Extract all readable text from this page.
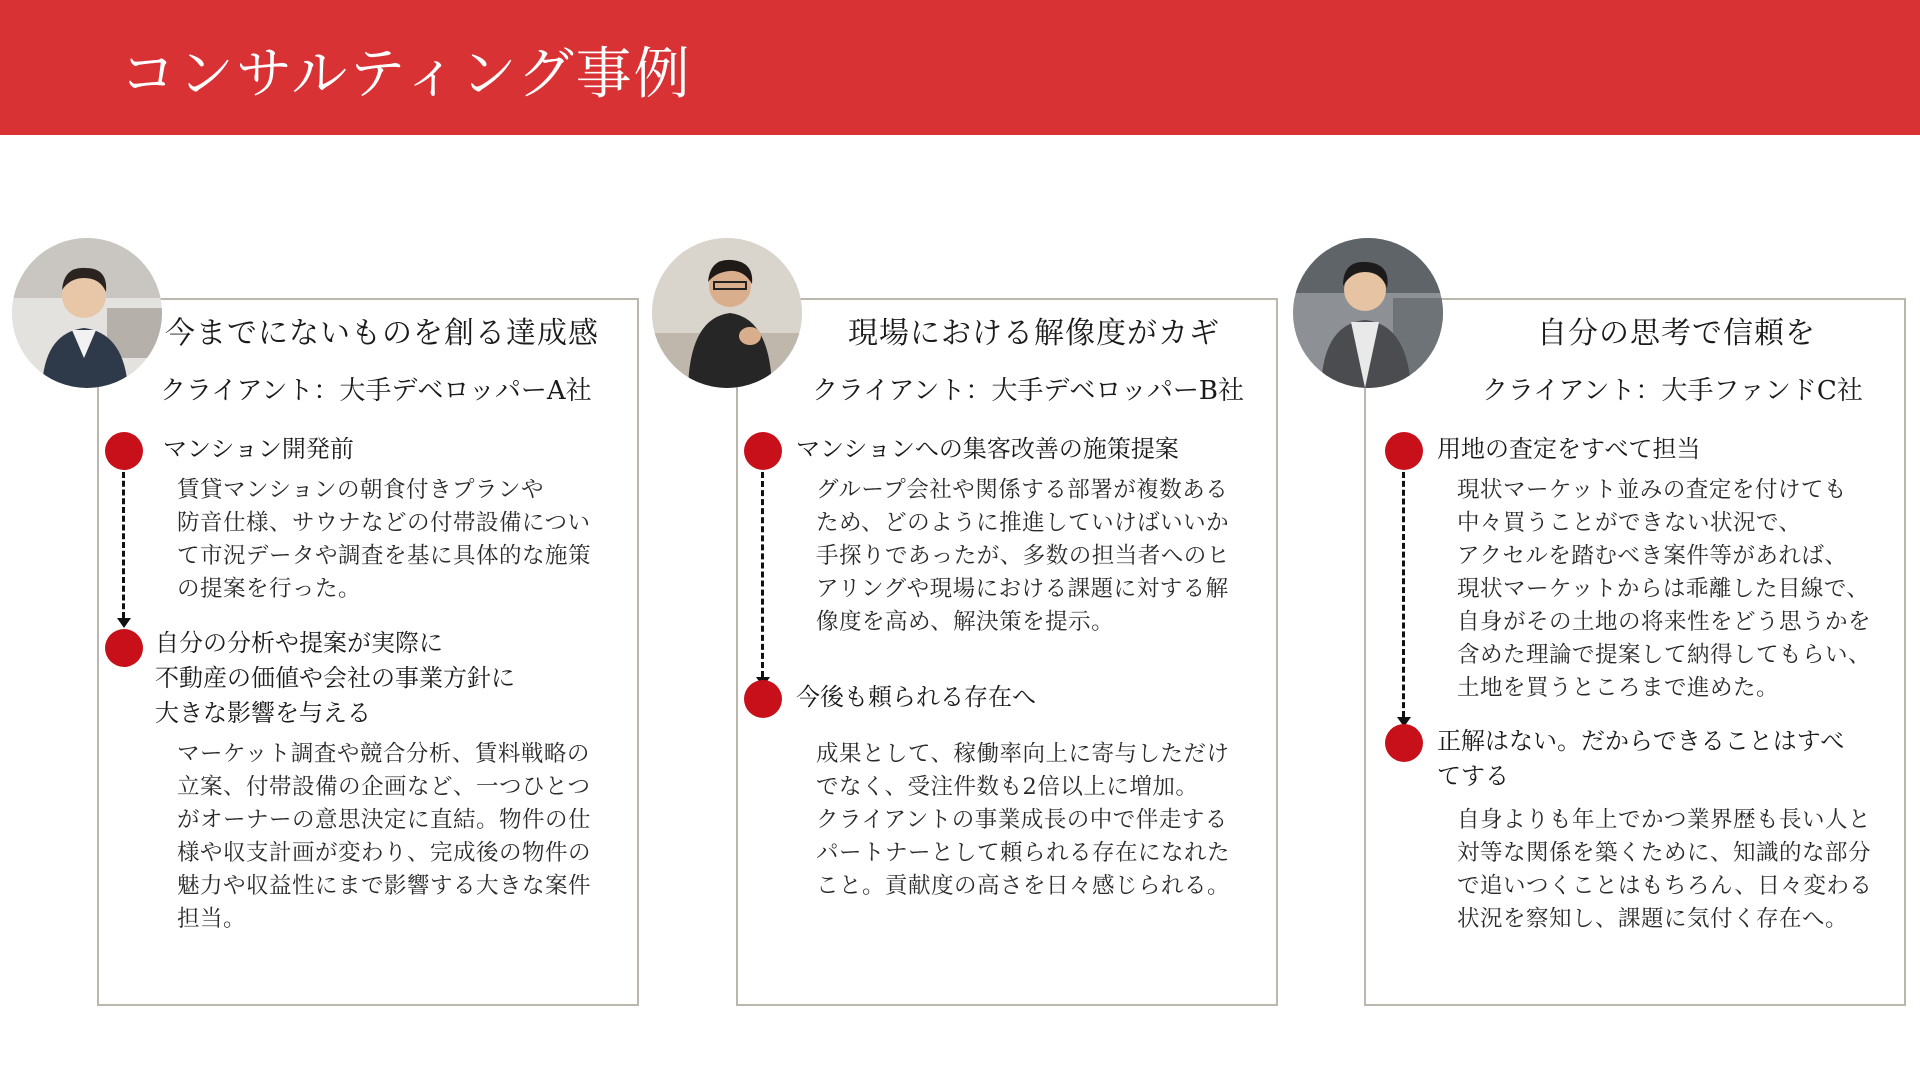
コンサルティング事例
今までにないものを創る達成感

クライアント：大手デベロッパーA社

マンション開発前

賃貸マンションの朝食付きプランや
防音仕様、サウナなどの付帯設備につい
て市況データや調査を基に具体的な施策
の提案を行った。

自分の分析や提案が実際に
不動産の価値や会社の事業方針に
大きな影響を与える

マーケット調査や競合分析、賃料戦略の
立案、付帯設備の企画など、一つひとつ
がオーナーの意思決定に直結。物件の仕
様や収支計画が変わり、完成後の物件の
魅力や収益性にまで影響する大きな案件
担当。

現場における解像度がカギ

クライアント：大手デベロッパーB社

マンションへの集客改善の施策提案

グループ会社や関係する部署が複数ある
ため、どのように推進していけばいいか
手探りであったが、多数の担当者へのヒ
アリングや現場における課題に対する解
像度を高め、解決策を提示。

今後も頼られる存在へ

成果として、稼働率向上に寄与しただけ
でなく、受注件数も2倍以上に増加。
クライアントの事業成長の中で伴走する
パートナーとして頼られる存在になれた
こと。貢献度の高さを日々感じられる。

自分の思考で信頼を

クライアント：大手ファンドC社

用地の査定をすべて担当

現状マーケット並みの査定を付けても
中々買うことができない状況で、
アクセルを踏むべき案件等があれば、
現状マーケットからは乖離した目線で、
自身がその土地の将来性をどう思うかを
含めた理論で提案して納得してもらい、
土地を買うところまで進めた。

正解はない。だからできることはすべ
てする

自身よりも年上でかつ業界歴も長い人と
対等な関係を築くために、知識的な部分
で追いつくことはもちろん、日々変わる
状況を察知し、課題に気付く存在へ。
